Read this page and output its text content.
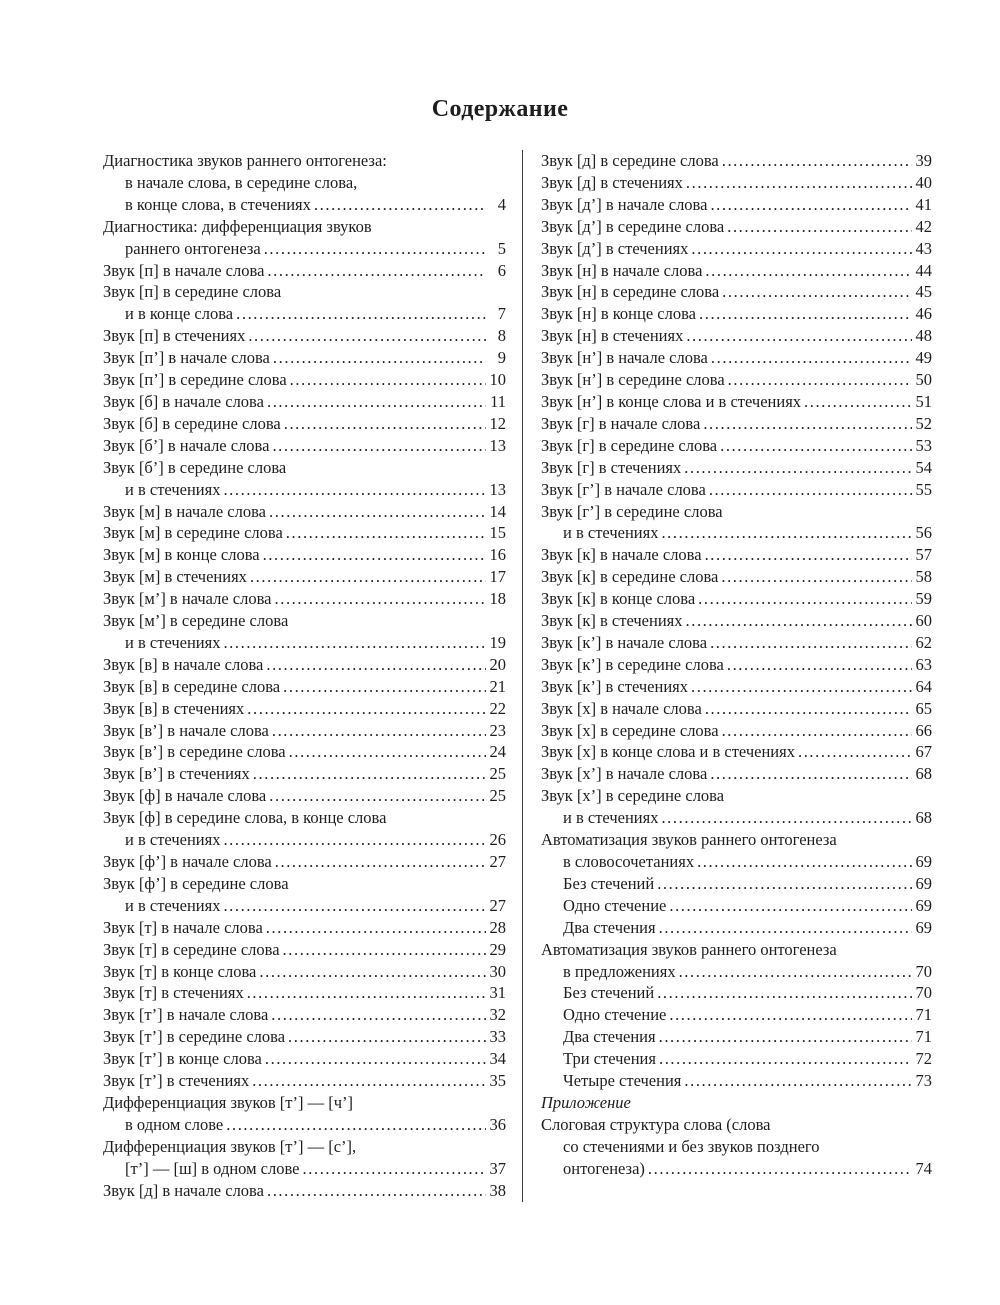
Содержание
Диагностика звуков раннего онтогенеза:
в начале слова, в середине слова,
в конце слова, в стечениях .....	4
Диагностика: дифференциация звуков
раннего онтогенеза .....	5
Звук [п] в начале слова .....	6
Звук [п] в середине слова
и в конце слова .....	7
Звук [п] в стечениях .....	8
Звук [п’] в начале слова .....	9
Звук [п’] в середине слова .....	10
Звук [б] в начале слова .....	11
Звук [б] в середине слова .....	12
Звук [б’] в начале слова .....	13
Звук [б’] в середине слова
и в стечениях .....	13
Звук [м] в начале слова .....	14
Звук [м] в середине слова .....	15
Звук [м] в конце слова .....	16
Звук [м] в стечениях .....	17
Звук [м’] в начале слова .....	18
Звук [м’] в середине слова
и в стечениях .....	19
Звук [в] в начале слова .....	20
Звук [в] в середине слова .....	21
Звук [в] в стечениях .....	22
Звук [в’] в начале слова .....	23
Звук [в’] в середине слова .....	24
Звук [в’] в стечениях .....	25
Звук [ф] в начале слова .....	25
Звук [ф] в середине слова, в конце слова
и в стечениях .....	26
Звук [ф’] в начале слова .....	27
Звук [ф’] в середине слова
и в стечениях .....	27
Звук [т] в начале слова .....	28
Звук [т] в середине слова .....	29
Звук [т] в конце слова .....	30
Звук [т] в стечениях .....	31
Звук [т’] в начале слова .....	32
Звук [т’] в середине слова .....	33
Звук [т’] в конце слова .....	34
Звук [т’] в стечениях .....	35
Дифференциация звуков [т’] — [ч’]
в одном слове .....	36
Дифференциация звуков [т’] — [с’],
[т’] — [ш] в одном слове .....	37
Звук [д] в начале слова .....	38
Звук [д] в середине слова .....	39
Звук [д] в стечениях .....	40
Звук [д’] в начале слова .....	41
Звук [д’] в середине слова .....	42
Звук [д’] в стечениях .....	43
Звук [н] в начале слова .....	44
Звук [н] в середине слова .....	45
Звук [н] в конце слова .....	46
Звук [н] в стечениях .....	48
Звук [н’] в начале слова .....	49
Звук [н’] в середине слова .....	50
Звук [н’] в конце слова и в стечениях .....	51
Звук [г] в начале слова .....	52
Звук [г] в середине слова .....	53
Звук [г] в стечениях .....	54
Звук [г’] в начале слова .....	55
Звук [г’] в середине слова
и в стечениях .....	56
Звук [к] в начале слова .....	57
Звук [к] в середине слова .....	58
Звук [к] в конце слова .....	59
Звук [к] в стечениях .....	60
Звук [к’] в начале слова .....	62
Звук [к’] в середине слова .....	63
Звук [к’] в стечениях .....	64
Звук [х] в начале слова .....	65
Звук [х] в середине слова .....	66
Звук [х] в конце слова и в стечениях .....	67
Звук [х’] в начале слова .....	68
Звук [х’] в середине слова
и в стечениях .....	68
Автоматизация звуков раннего онтогенеза
в словосочетаниях .....	69
Без стечений .....	69
Одно стечение .....	69
Два стечения .....	69
Автоматизация звуков раннего онтогенеза
в предложениях .....	70
Без стечений .....	70
Одно стечение .....	71
Два стечения .....	71
Три стечения .....	72
Четыре стечения .....	73
Приложение
Слоговая структура слова (слова
со стечениями и без звуков позднего
онтогенеза) .....	74
